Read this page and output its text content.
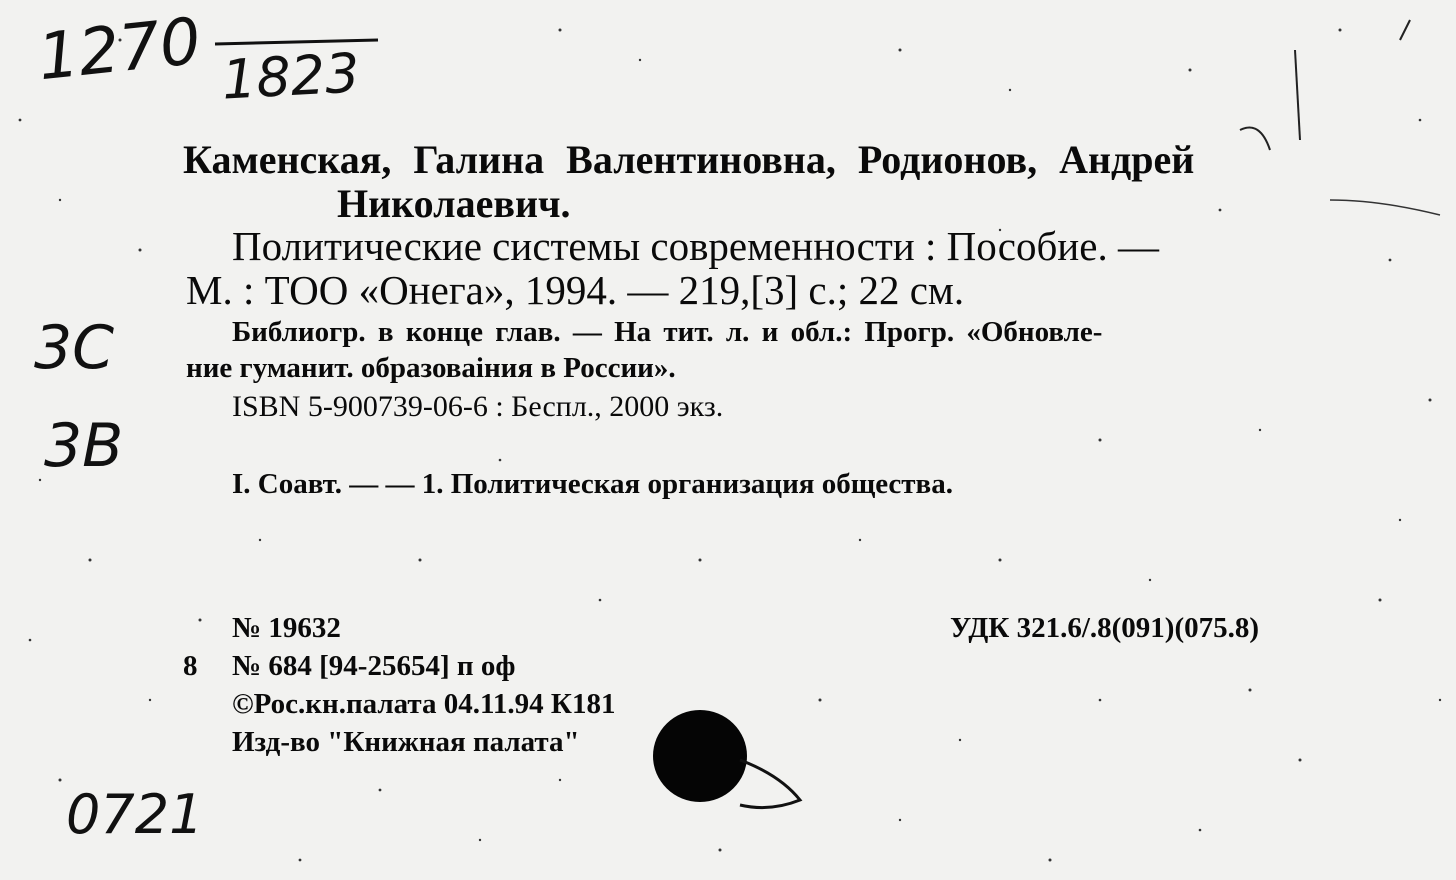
1270 1823
3С
3В
0721
Каменская, Галина Валентиновна, Родионов, Андрей
Николаевич.
Политические системы современности : Пособие. —
М. : ТОО «Онега», 1994. — 219,[3] с.; 22 см.
Библиогр. в конце глав. — На тит. л. и обл.: Прогр. «Обновле-
ние гуманит. образоваіния в России».
ISBN 5-900739-06-6 : Беспл., 2000 экз.
I. Соавт. — — 1. Политическая организация общества.
№ 19632	УДК 321.6/.8(091)(075.8)
8 № 684 [94-25654] п оф
©Рос.кн.палата 04.11.94 К181
Изд-во "Книжная палата"
